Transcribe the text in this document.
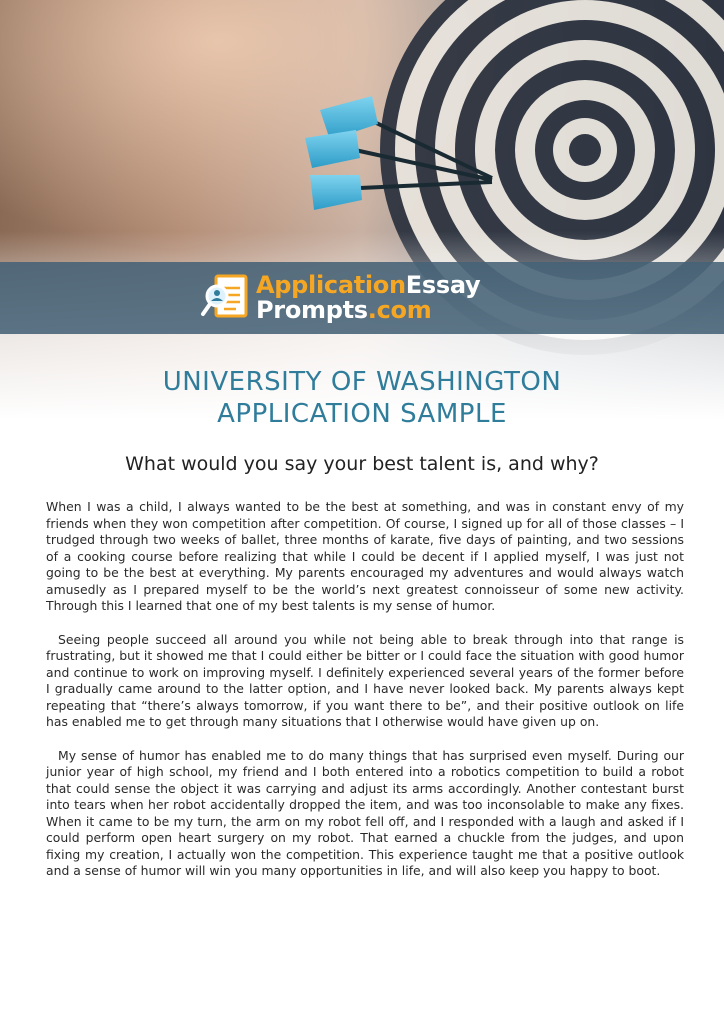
ApplicationEssay
Prompts.com
UNIVERSITY OF WASHINGTON
APPLICATION SAMPLE
What would you say your best talent is, and why?

When I was a child, I always wanted to be the best at something, and was in constant envy of my friends when they won competition after competition. Of course, I signed up for all of those classes – I trudged through two weeks of ballet, three months of karate, five days of painting, and two sessions of a cooking course before realizing that while I could be decent if I applied myself, I was just not going to be the best at everything. My parents encouraged my adventures and would always watch amusedly as I prepared myself to be the world’s next greatest connoisseur of some new activity. Through this I learned that one of my best talents is my sense of humor.

Seeing people succeed all around you while not being able to break through into that range is frustrating, but it showed me that I could either be bitter or I could face the situation with good humor and continue to work on improving myself. I definitely experienced several years of the former before I gradually came around to the latter option, and I have never looked back. My parents always kept repeating that “there’s always tomorrow, if you want there to be”, and their positive outlook on life has enabled me to get through many situations that I otherwise would have given up on.

My sense of humor has enabled me to do many things that has surprised even myself. During our junior year of high school, my friend and I both entered into a robotics competition to build a robot that could sense the object it was carrying and adjust its arms accordingly. Another contestant burst into tears when her robot accidentally dropped the item, and was too inconsolable to make any fixes. When it came to be my turn, the arm on my robot fell off, and I responded with a laugh and asked if I could perform open heart surgery on my robot. That earned a chuckle from the judges, and upon fixing my creation, I actually won the competition. This experience taught me that a positive outlook and a sense of humor will win you many opportunities in life, and will also keep you happy to boot.
